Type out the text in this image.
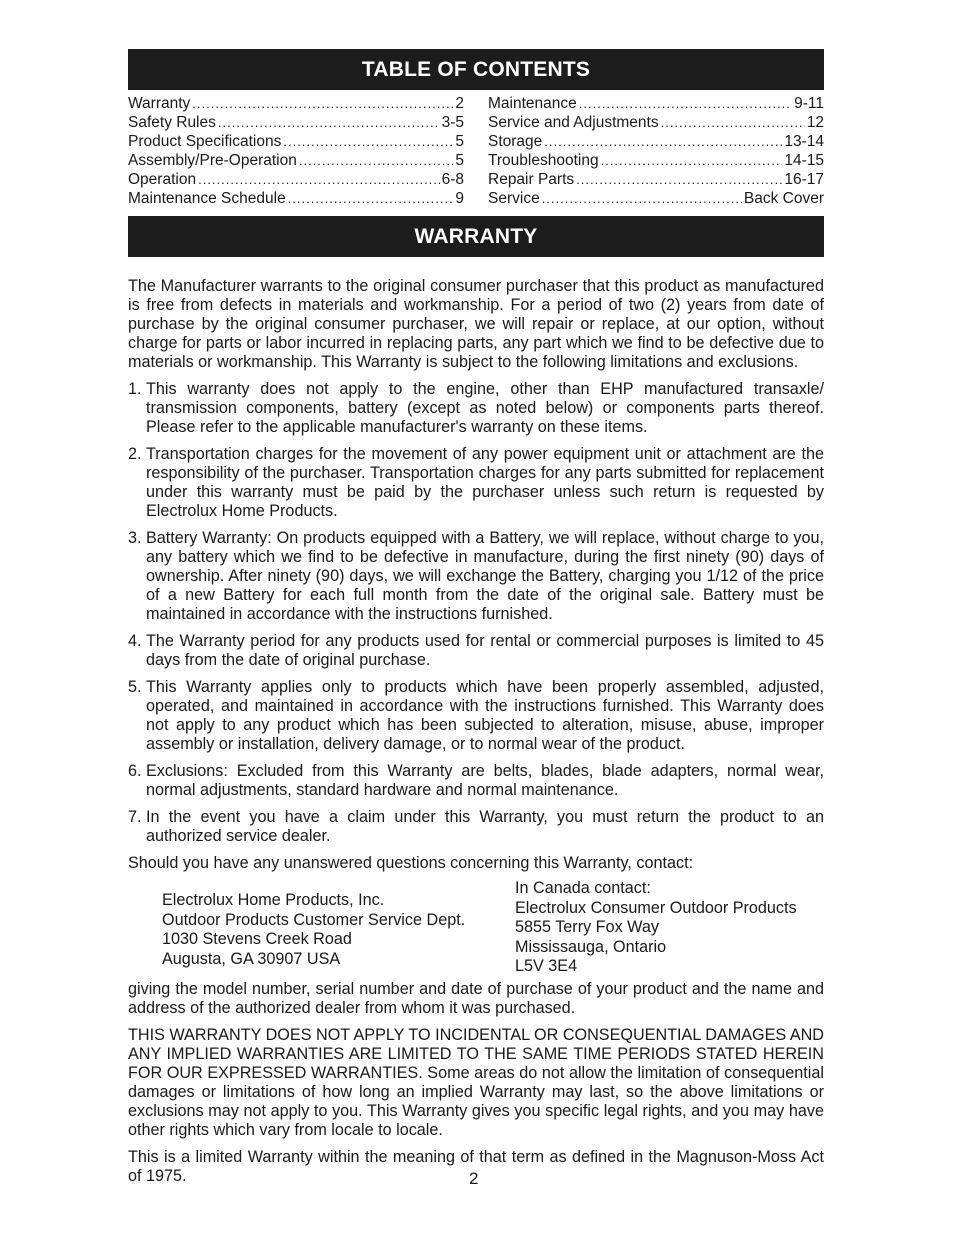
TABLE OF CONTENTS
Warranty .....	2
Safety Rules .....	3-5
Product Specifications .....	5
Assembly/Pre-Operation .....	5
Operation .....	6-8
Maintenance Schedule .....	9
Maintenance .....	9-11
Service and Adjustments .....	12
Storage .....	13-14
Troubleshooting .....	14-15
Repair Parts .....	16-17
Service .....	Back Cover
WARRANTY
The Manufacturer warrants to the original consumer purchaser that this product as manufactured is free from defects in materials and workmanship. For a period of two (2) years from date of purchase by the original consumer purchaser, we will repair or replace, at our option, without charge for parts or labor incurred in replacing parts, any part which we find to be defective due to materials or workmanship. This Warranty is subject to the following limitations and exclusions.
1. This warranty does not apply to the engine, other than EHP manufactured transaxle/ transmission components, battery (except as noted below) or components parts thereof. Please refer to the applicable manufacturer's warranty on these items.
2. Transportation charges for the movement of any power equipment unit or attachment are the responsibility of the purchaser. Transportation charges for any parts submitted for replacement under this warranty must be paid by the purchaser unless such return is requested by Electrolux Home Products.
3. Battery Warranty: On products equipped with a Battery, we will replace, without charge to you, any battery which we find to be defective in manufacture, during the first ninety (90) days of ownership. After ninety (90) days, we will exchange the Battery, charging you 1/12 of the price of a new Battery for each full month from the date of the original sale. Battery must be maintained in accordance with the instructions furnished.
4. The Warranty period for any products used for rental or commercial purposes is limited to 45 days from the date of original purchase.
5. This Warranty applies only to products which have been properly assembled, adjusted, operated, and maintained in accordance with the instructions furnished. This Warranty does not apply to any product which has been subjected to alteration, misuse, abuse, improper assembly or installation, delivery damage, or to normal wear of the product.
6. Exclusions: Excluded from this Warranty are belts, blades, blade adapters, normal wear, normal adjustments, standard hardware and normal maintenance.
7. In the event you have a claim under this Warranty, you must return the product to an authorized service dealer.
Should you have any unanswered questions concerning this Warranty, contact:
Electrolux Home Products, Inc.
Outdoor Products Customer Service Dept.
1030 Stevens Creek Road
Augusta, GA 30907 USA
In Canada contact:
Electrolux Consumer Outdoor Products
5855 Terry Fox Way
Mississauga, Ontario
L5V 3E4
giving the model number, serial number and date of purchase of your product and the name and address of the authorized dealer from whom it was purchased.
THIS WARRANTY DOES NOT APPLY TO INCIDENTAL OR CONSEQUENTIAL DAMAGES AND ANY IMPLIED WARRANTIES ARE LIMITED TO THE SAME TIME PERIODS STATED HEREIN FOR OUR EXPRESSED WARRANTIES. Some areas do not allow the limitation of consequential damages or limitations of how long an implied Warranty may last, so the above limitations or exclusions may not apply to you. This Warranty gives you specific legal rights, and you may have other rights which vary from locale to locale.
This is a limited Warranty within the meaning of that term as defined in the Magnuson-Moss Act of 1975.	2
